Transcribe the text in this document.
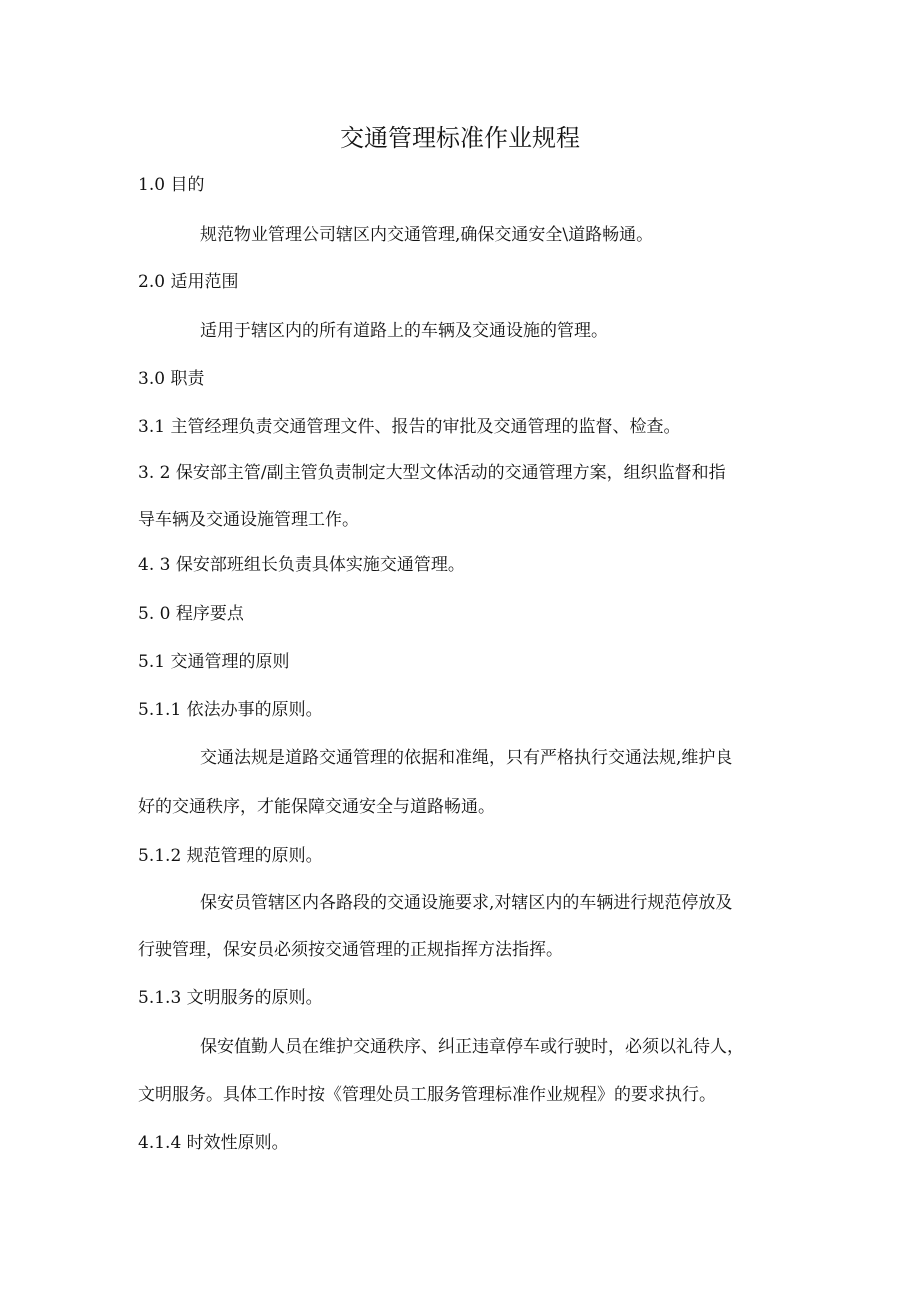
交通管理标准作业规程
1.0 目的
规范物业管理公司辖区内交通管理,确保交通安全\道路畅通。
2.0 适用范围
适用于辖区内的所有道路上的车辆及交通设施的管理。
3.0 职责
3.1 主管经理负责交通管理文件、报告的审批及交通管理的监督、检查。
3. 2 保安部主管/副主管负责制定大型文体活动的交通管理方案，组织监督和指
导车辆及交通设施管理工作。
4. 3 保安部班组长负责具体实施交通管理。
5. 0 程序要点
5.1 交通管理的原则
5.1.1 依法办事的原则。
交通法规是道路交通管理的依据和准绳，只有严格执行交通法规,维护良
好的交通秩序，才能保障交通安全与道路畅通。
5.1.2 规范管理的原则。
保安员管辖区内各路段的交通设施要求,对辖区内的车辆进行规范停放及
行驶管理，保安员必须按交通管理的正规指挥方法指挥。
5.1.3 文明服务的原则。
保安值勤人员在维护交通秩序、纠正违章停车或行驶时，必须以礼待人，
文明服务。具体工作时按《管理处员工服务管理标准作业规程》的要求执行。
4.1.4 时效性原则。
